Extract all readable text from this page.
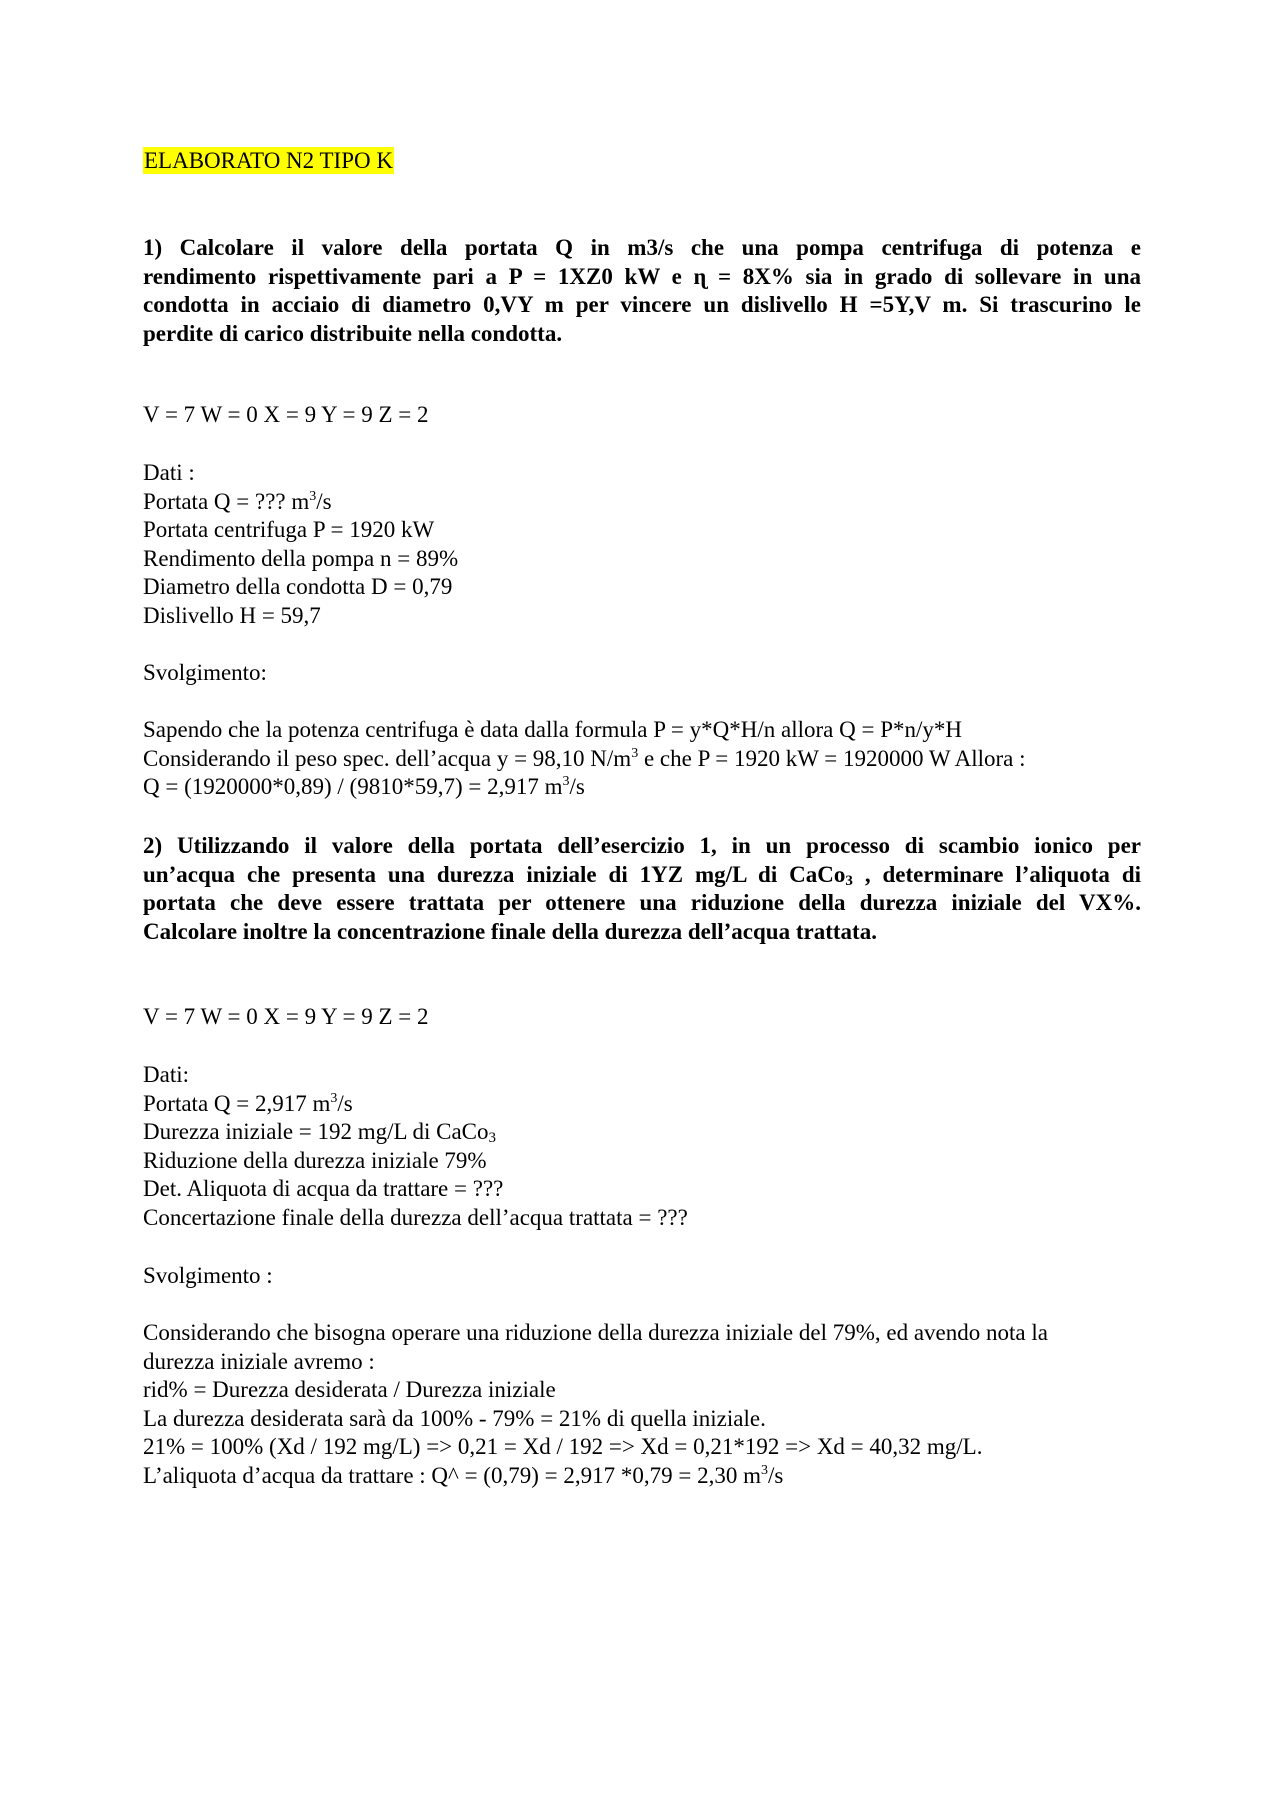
ELABORATO N2 TIPO K
1) Calcolare il valore della portata Q in m3/s che una pompa centrifuga di potenza e
rendimento rispettivamente pari a P = 1XZ0 kW e ɳ = 8X% sia in grado di sollevare in una
condotta in acciaio di diametro 0,VY m per vincere un dislivello H =5Y,V m. Si trascurino le
perdite di carico distribuite nella condotta.
V = 7 W = 0 X = 9 Y = 9 Z = 2
Dati :
Portata Q = ??? $m^3/s$
Portata centrifuga P = 1920 kW
Rendimento della pompa n = 89%
Diametro della condotta D = 0,79
Dislivello H = 59,7
Svolgimento:
Sapendo che la potenza centrifuga è data dalla formula P = y*Q*H/n allora Q = P*n/y*H
Considerando il peso spec. dell’acqua y = 98,10 $N/m^3$ e che P = 1920 kW = 1920000 W Allora :
Q = (1920000*0,89) / (9810*59,7) = 2,917 $m^3/s$
2) Utilizzando il valore della portata dell’esercizio 1, in un processo di scambio ionico per
un’acqua che presenta una durezza iniziale di 1YZ mg/L di CaCo$_3$ , determinare l’aliquota di
portata che deve essere trattata per ottenere una riduzione della durezza iniziale del VX%.
Calcolare inoltre la concentrazione finale della durezza dell’acqua trattata.
V = 7 W = 0 X = 9 Y = 9 Z = 2
Dati:
Portata Q = 2,917 $m^3/s$
Durezza iniziale = 192 mg/L di CaCo$_3$
Riduzione della durezza iniziale 79%
Det. Aliquota di acqua da trattare = ???
Concertazione finale della durezza dell’acqua trattata = ???
Svolgimento :
Considerando che bisogna operare una riduzione della durezza iniziale del 79%, ed avendo nota la
durezza iniziale avremo :
rid% = Durezza desiderata / Durezza iniziale
La durezza desiderata sarà da 100% - 79% = 21% di quella iniziale.
21% = 100% (Xd / 192 mg/L) => 0,21 = Xd / 192 => Xd = 0,21*192 => Xd = 40,32 mg/L.
L’aliquota d’acqua da trattare : Q^ = (0,79) = 2,917 *0,79 = 2,30 $m^3/s$
